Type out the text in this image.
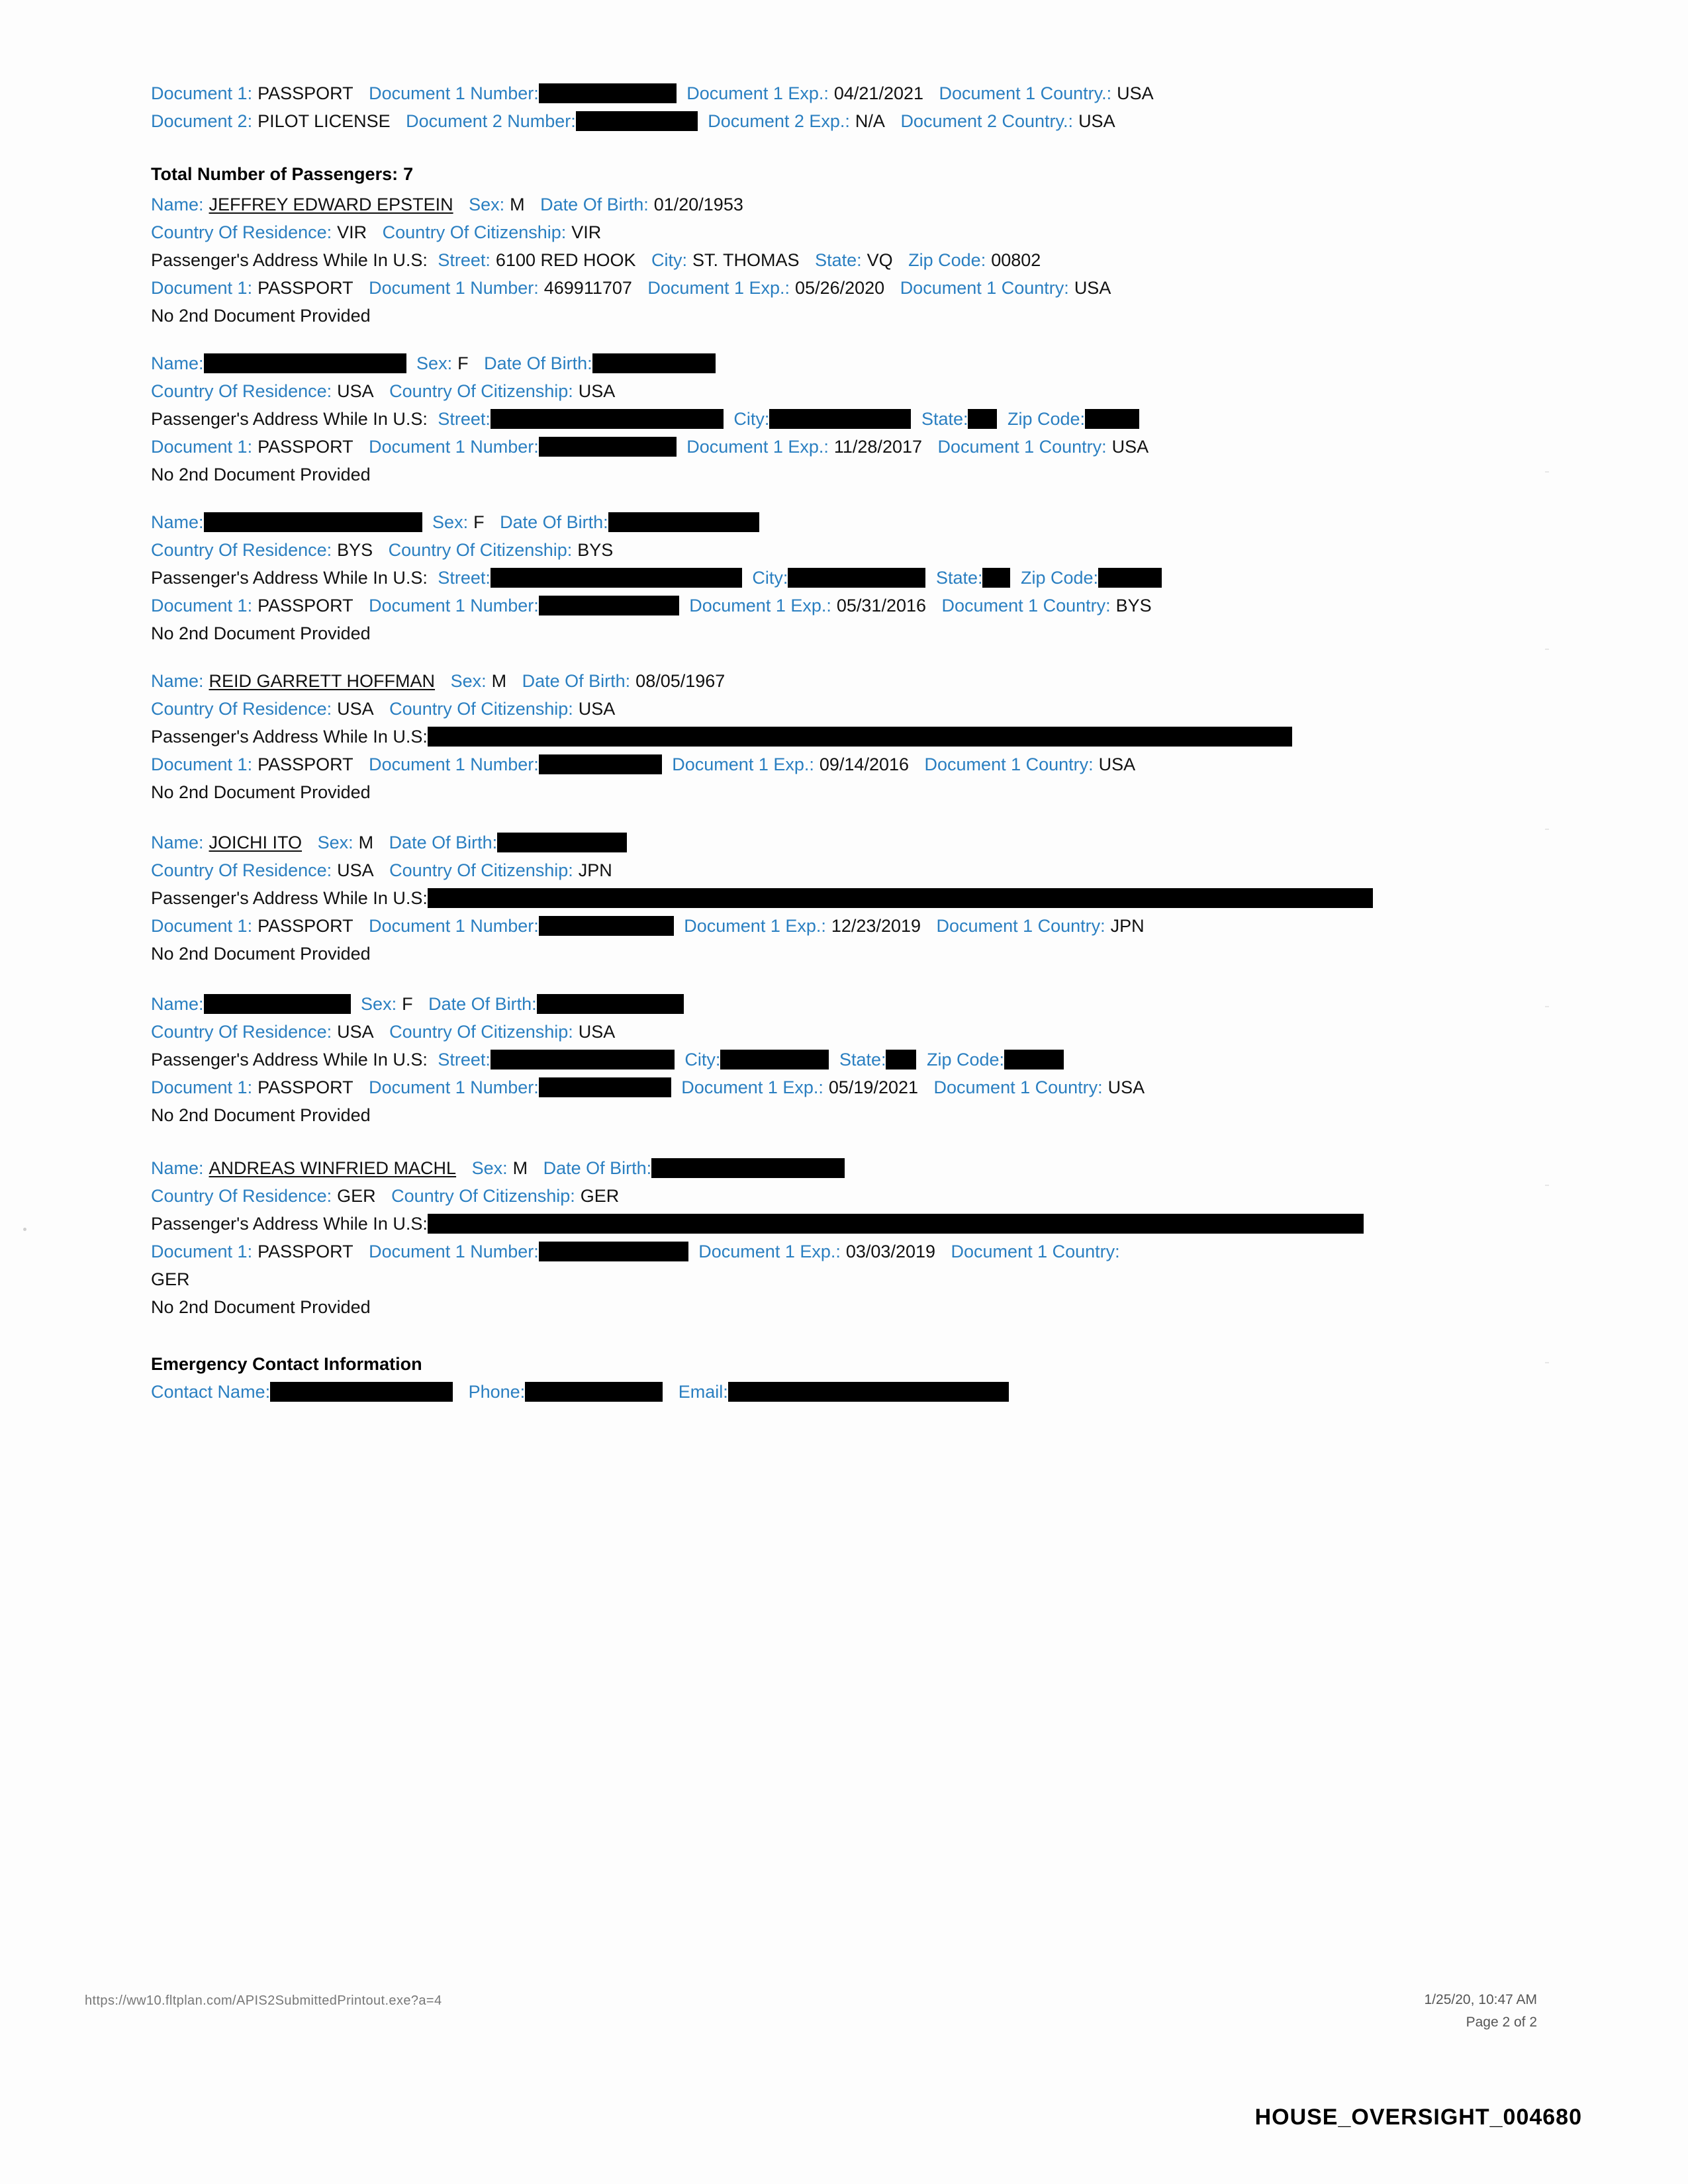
Document 1: PASSPORT Document 1 Number:	Document 1 Exp.: 04/21/2021 Document 1 Country.: USA
Document 2: PILOT LICENSE Document 2 Number:	Document 2 Exp.: N/A Document 2 Country.: USA
Total Number of Passengers: 7
Name: JEFFREY EDWARD EPSTEIN Sex: M Date Of Birth: 01/20/1953
Country Of Residence: VIR Country Of Citizenship: VIR
Passenger's Address While In U.S: Street: 6100 RED HOOK City: ST. THOMAS State: VQ Zip Code: 00802
Document 1: PASSPORT Document 1 Number: 469911707 Document 1 Exp.: 05/26/2020 Document 1 Country: USA
No 2nd Document Provided
Name:	Sex: F Date Of Birth:
Country Of Residence: USA Country Of Citizenship: USA
Passenger's Address While In U.S: Street:	City:	State: Zip Code:
Document 1: PASSPORT Document 1 Number:	Document 1 Exp.: 11/28/2017 Document 1 Country: USA
No 2nd Document Provided
Name:	Sex: F Date Of Birth:
Country Of Residence: BYS Country Of Citizenship: BYS
Passenger's Address While In U.S: Street:	City:	State: Zip Code:
Document 1: PASSPORT Document 1 Number:	Document 1 Exp.: 05/31/2016 Document 1 Country: BYS
No 2nd Document Provided
Name: REID GARRETT HOFFMAN Sex: M Date Of Birth: 08/05/1967
Country Of Residence: USA Country Of Citizenship: USA
Passenger's Address While In U.S:
Document 1: PASSPORT Document 1 Number:	Document 1 Exp.: 09/14/2016 Document 1 Country: USA
No 2nd Document Provided
Name: JOICHI ITO Sex: M Date Of Birth:
Country Of Residence: USA Country Of Citizenship: JPN
Passenger's Address While In U.S:
Document 1: PASSPORT Document 1 Number:	Document 1 Exp.: 12/23/2019 Document 1 Country: JPN
No 2nd Document Provided
Name:	Sex: F Date Of Birth:
Country Of Residence: USA Country Of Citizenship: USA
Passenger's Address While In U.S: Street:	City:	State: Zip Code:
Document 1: PASSPORT Document 1 Number:	Document 1 Exp.: 05/19/2021 Document 1 Country: USA
No 2nd Document Provided
Name: ANDREAS WINFRIED MACHL Sex: M Date Of Birth:
Country Of Residence: GER Country Of Citizenship: GER
Passenger's Address While In U.S:
Document 1: PASSPORT Document 1 Number:	Document 1 Exp.: 03/03/2019 Document 1 Country:
GER
No 2nd Document Provided
Emergency Contact Information
Contact Name:	Phone:	Email:
https://ww10.fltplan.com/APIS2SubmittedPrintout.exe?a=4	1/25/20, 10:47 AM
Page 2 of 2
HOUSE_OVERSIGHT_004680
